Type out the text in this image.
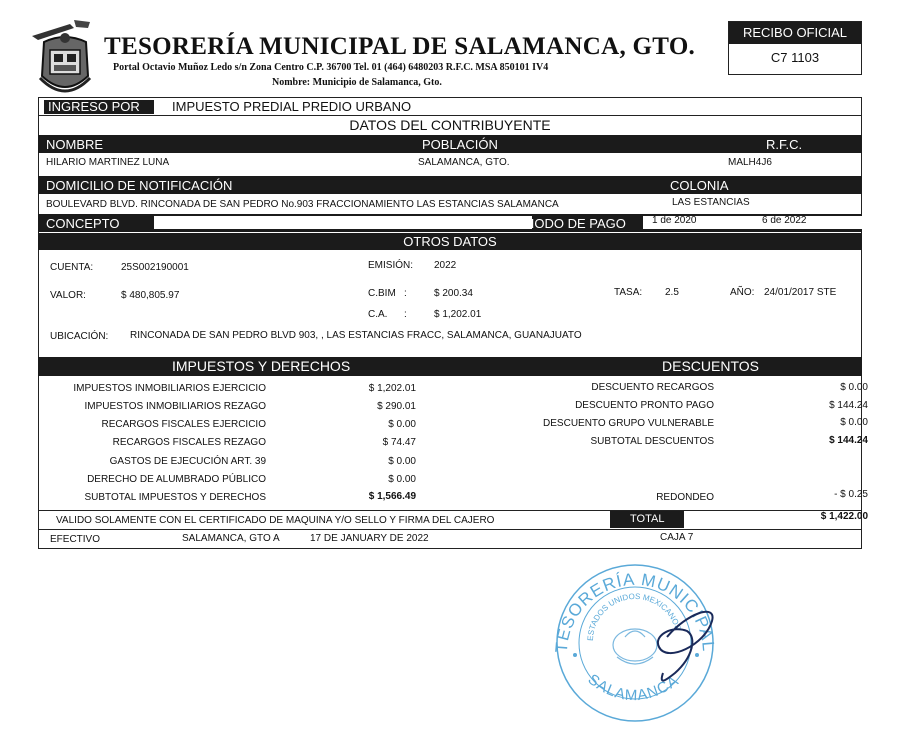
TESORERÍA MUNICIPAL DE SALAMANCA, GTO.
Portal Octavio Muñoz Ledo s/n Zona Centro C.P. 36700 Tel. 01 (464) 6480203 R.F.C. MSA 850101 IV4
Nombre: Municipio de Salamanca, Gto.
RECIBO OFICIAL
C7 1103
INGRESO POR	IMPUESTO PREDIAL PREDIO URBANO
DATOS DEL CONTRIBUYENTE
NOMBRE	POBLACIÓN	R.F.C.
HILARIO MARTINEZ LUNA	SALAMANCA, GTO.	MALH4J6
DOMICILIO DE NOTIFICACIÓN	COLONIA
BOULEVARD BLVD. RINCONADA DE SAN PEDRO No.903 FRACCIONAMIENTO LAS ESTANCIAS SALAMANCA	LAS ESTANCIAS
CONCEPTO	PERIODO DE PAGO	1 de 2020	6 de 2022
OTROS DATOS
CUENTA:	25S002190001	EMISIÓN: 2022
VALOR:	$ 480,805.97	C.BIM :	$ 200.34	TASA: 2.5	AÑO: 24/01/2017 STE
C.A. :	$ 1,202.01
UBICACIÓN: RINCONADA DE SAN PEDRO BLVD 903, , LAS ESTANCIAS FRACC, SALAMANCA, GUANAJUATO
IMPUESTOS Y DERECHOS	DESCUENTOS
IMPUESTOS INMOBILIARIOS EJERCICIO	$ 1,202.01
IMPUESTOS INMOBILIARIOS REZAGO	$ 290.01
RECARGOS FISCALES EJERCICIO	$ 0.00
RECARGOS FISCALES REZAGO	$ 74.47
GASTOS DE EJECUCIÓN ART. 39	$ 0.00
DERECHO DE ALUMBRADO PÚBLICO	$ 0.00
SUBTOTAL IMPUESTOS Y DERECHOS	$ 1,566.49
DESCUENTO RECARGOS	$ 0.00
DESCUENTO PRONTO PAGO	$ 144.24
DESCUENTO GRUPO VULNERABLE	$ 0.00
SUBTOTAL DESCUENTOS	$ 144.24
REDONDEO	- $ 0.25
VALIDO SOLAMENTE CON EL CERTIFICADO DE MAQUINA Y/O SELLO Y FIRMA DEL CAJERO	TOTAL	$ 1,422.00
EFECTIVO	SALAMANCA, GTO A	17 DE JANUARY DE 2022	CAJA 7
TESORERÍA MUNICIPAL
ESTADOS UNIDOS MEXICANOS
SALAMANCA
